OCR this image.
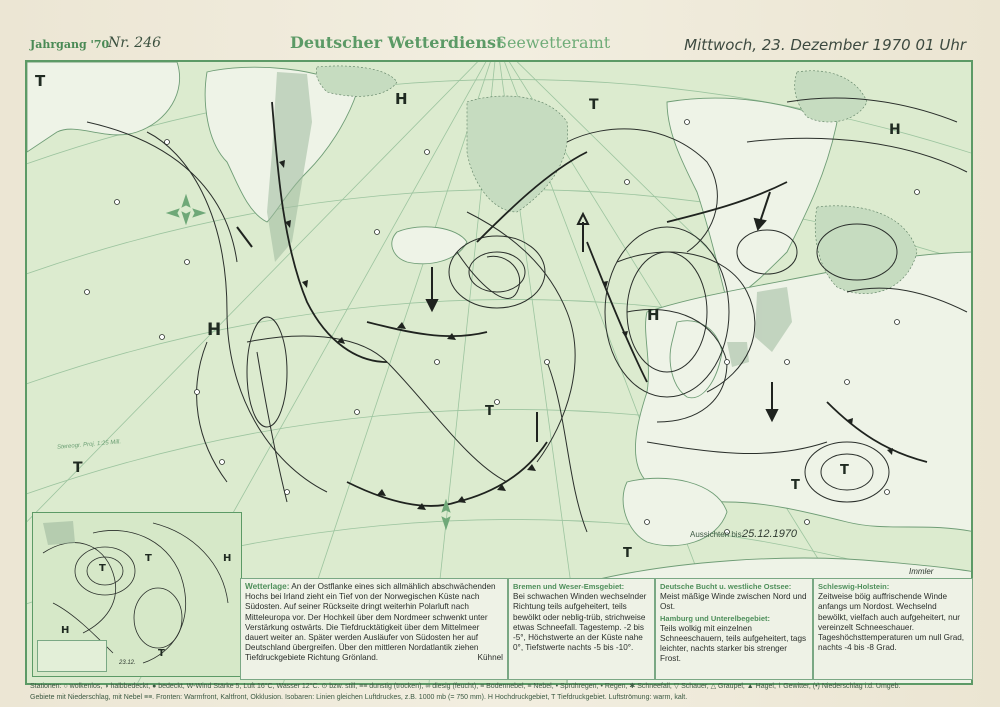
Jahrgang '70
Nr. 246	Deutscher Wetterdienst
Seewetteramt	Mittwoch, 23. Dezember 1970 01 Uhr
H
H
H
H
T
T
T
T
T
T
T
Stereogr. Proj. 1:25 Mill.
Immler
T
T	H
H
T
23.12.
Aussichten bis:
25.12.1970
Wetterlage: An der Ostflanke eines sich allmählich abschwächenden Hochs bei Irland zieht ein Tief von der Norwegischen Küste nach Südosten. Auf seiner Rückseite dringt weiterhin Polarluft nach Mitteleuropa vor. Der Hochkeil über dem Nordmeer schwenkt unter Verstärkung ostwärts. Die Tiefdrucktätigkeit über dem Mittelmeer dauert weiter an. Später werden Ausläufer von Südosten her auf Deutschland übergreifen. Über den mittleren Nordatlantik ziehen Tiefdruckgebiete Richtung Grönland.	Kühnel
Bremen und Weser-Emsgebiet:
Bei schwachen Winden wechselnder Richtung teils aufgeheitert, teils bewölkt oder neblig-trüb, strichweise etwas Schneefall. Tagestemp. -2 bis -5°, Höchstwerte an der Küste nahe 0°, Tiefstwerte nachts -5 bis -10°.
Deutsche Bucht u. westliche Ostsee:
Meist mäßige Winde zwischen Nord und Ost.
Hamburg und Unterelbegebiet:
Teils wolkig mit einzelnen Schneeschauern, teils aufgeheitert, tags leichter, nachts starker bis strenger Frost.
Schleswig-Holstein:
Zeitweise böig auffrischende Winde anfangs um Nordost. Wechselnd bewölkt, vielfach auch aufgeheitert, nur vereinzelt Schneeschauer. Tageshöchsttemperaturen um null Grad, nachts -4 bis -8 Grad.
Stationen: ○ wolkenlos, ◑ halbbedeckt, ● bedeckt, W-Wind Stärke 5, Luft 16°C, Wasser 12°C. ⊙ bzw. still, ≡≡ dunstig (trocken), ∞ diesig (feucht), ≡ Bodennebel, ≡ Nebel, • Sprühregen, • Regen, ✱ Schneefall, ▽ Schauer, △ Graupel, ▲ Hagel, ⌇ Gewitter, (•) Niederschlag i.d. Umgeb.
Gebiete mit Niederschlag, mit Nebel ≡≡. Fronten: Warmfront, Kaltfront, Okklusion. Isobaren: Linien gleichen Luftdruckes, z.B. 1000 mb (= 750 mm). H Hochdruckgebiet, T Tiefdruckgebiet. Luftströmung: warm, kalt.
